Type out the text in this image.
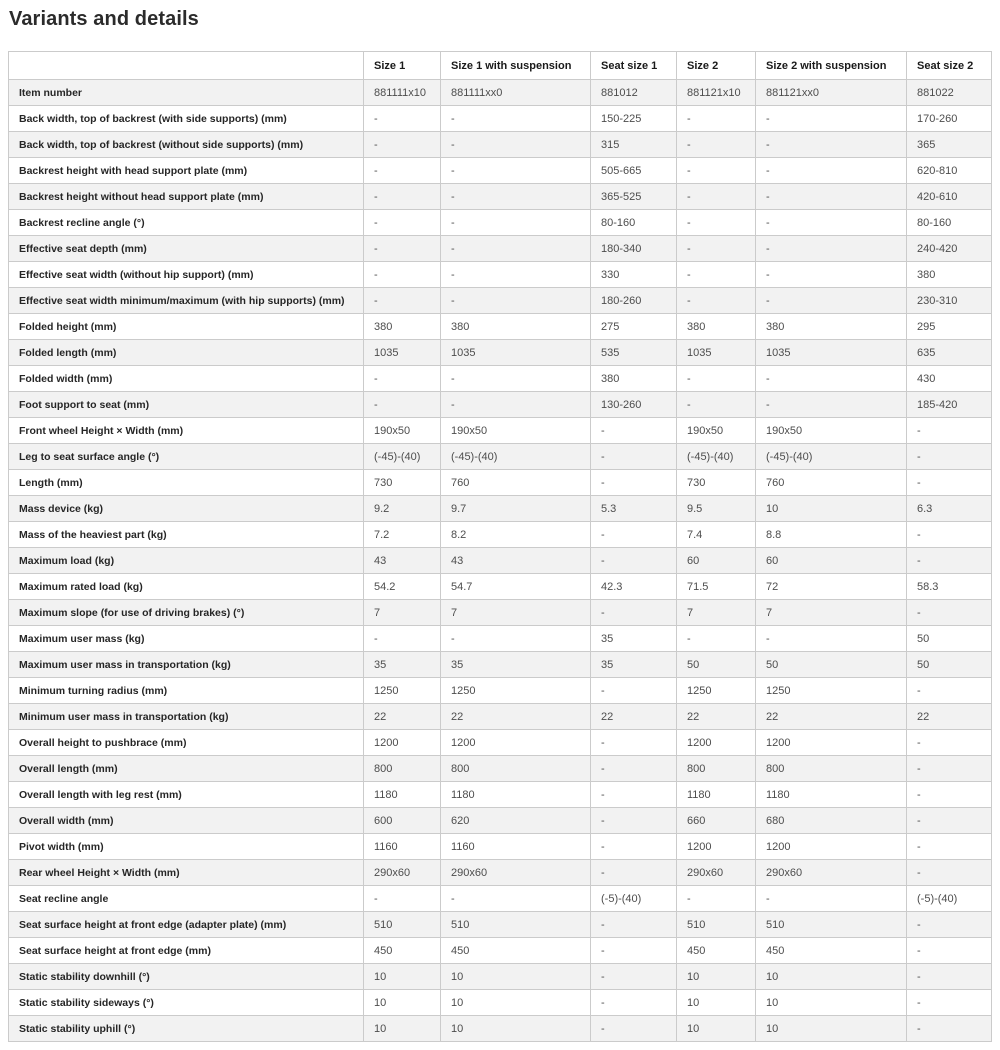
Variants and details
	Size 1	Size 1 with suspension	Seat size 1	Size 2	Size 2 with suspension	Seat size 2
Item number	881111x10	881111xx0	881012	881121x10	881121xx0	881022
Back width, top of backrest (with side supports) (mm)	-	-	150-225	-	-	170-260
Back width, top of backrest (without side supports) (mm)	-	-	315	-	-	365
Backrest height with head support plate (mm)	-	-	505-665	-	-	620-810
Backrest height without head support plate (mm)	-	-	365-525	-	-	420-610
Backrest recline angle (°)	-	-	80-160	-	-	80-160
Effective seat depth (mm)	-	-	180-340	-	-	240-420
Effective seat width (without hip support) (mm)	-	-	330	-	-	380
Effective seat width minimum/maximum (with hip supports) (mm)	-	-	180-260	-	-	230-310
Folded height (mm)	380	380	275	380	380	295
Folded length (mm)	1035	1035	535	1035	1035	635
Folded width (mm)	-	-	380	-	-	430
Foot support to seat (mm)	-	-	130-260	-	-	185-420
Front wheel Height × Width (mm)	190x50	190x50	-	190x50	190x50	-
Leg to seat surface angle (°)	(-45)-(40)	(-45)-(40)	-	(-45)-(40)	(-45)-(40)	-
Length (mm)	730	760	-	730	760	-
Mass device (kg)	9.2	9.7	5.3	9.5	10	6.3
Mass of the heaviest part (kg)	7.2	8.2	-	7.4	8.8	-
Maximum load (kg)	43	43	-	60	60	-
Maximum rated load (kg)	54.2	54.7	42.3	71.5	72	58.3
Maximum slope (for use of driving brakes) (°)	7	7	-	7	7	-
Maximum user mass (kg)	-	-	35	-	-	50
Maximum user mass in transportation (kg)	35	35	35	50	50	50
Minimum turning radius (mm)	1250	1250	-	1250	1250	-
Minimum user mass in transportation (kg)	22	22	22	22	22	22
Overall height to pushbrace (mm)	1200	1200	-	1200	1200	-
Overall length (mm)	800	800	-	800	800	-
Overall length with leg rest (mm)	1180	1180	-	1180	1180	-
Overall width (mm)	600	620	-	660	680	-
Pivot width (mm)	1160	1160	-	1200	1200	-
Rear wheel Height × Width (mm)	290x60	290x60	-	290x60	290x60	-
Seat recline angle	-	-	(-5)-(40)	-	-	(-5)-(40)
Seat surface height at front edge (adapter plate) (mm)	510	510	-	510	510	-
Seat surface height at front edge (mm)	450	450	-	450	450	-
Static stability downhill (°)	10	10	-	10	10	-
Static stability sideways (°)	10	10	-	10	10	-
Static stability uphill (°)	10	10	-	10	10	-
